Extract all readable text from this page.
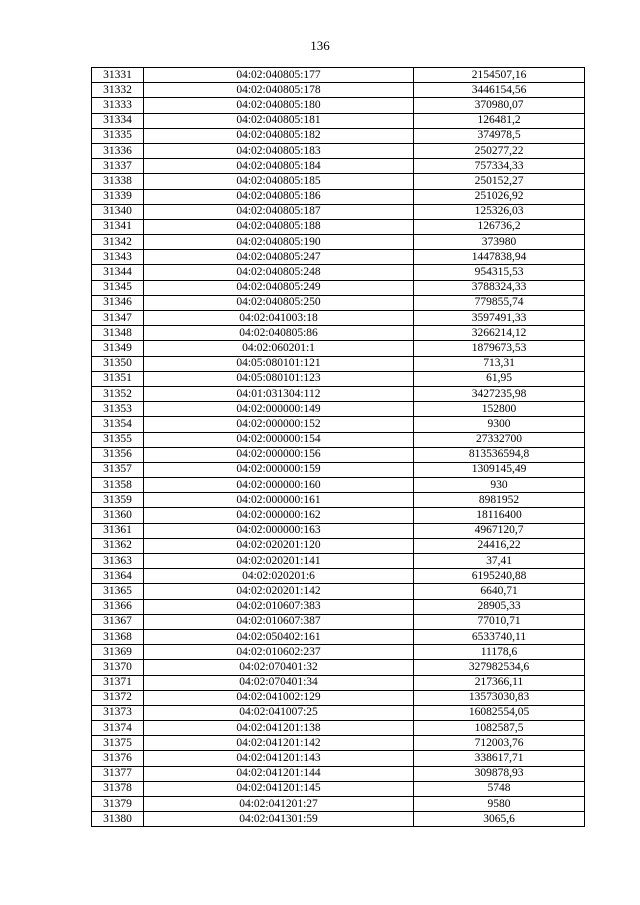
136
31331	04:02:040805:177	2154507,16
31332	04:02:040805:178	3446154,56
31333	04:02:040805:180	370980,07
31334	04:02:040805:181	126481,2
31335	04:02:040805:182	374978,5
31336	04:02:040805:183	250277,22
31337	04:02:040805:184	757334,33
31338	04:02:040805:185	250152,27
31339	04:02:040805:186	251026,92
31340	04:02:040805:187	125326,03
31341	04:02:040805:188	126736,2
31342	04:02:040805:190	373980
31343	04:02:040805:247	1447838,94
31344	04:02:040805:248	954315,53
31345	04:02:040805:249	3788324,33
31346	04:02:040805:250	779855,74
31347	04:02:041003:18	3597491,33
31348	04:02:040805:86	3266214,12
31349	04:02:060201:1	1879673,53
31350	04:05:080101:121	713,31
31351	04:05:080101:123	61,95
31352	04:01:031304:112	3427235,98
31353	04:02:000000:149	152800
31354	04:02:000000:152	9300
31355	04:02:000000:154	27332700
31356	04:02:000000:156	813536594,8
31357	04:02:000000:159	1309145,49
31358	04:02:000000:160	930
31359	04:02:000000:161	8981952
31360	04:02:000000:162	18116400
31361	04:02:000000:163	4967120,7
31362	04:02:020201:120	24416,22
31363	04:02:020201:141	37,41
31364	04:02:020201:6	6195240,88
31365	04:02:020201:142	6640,71
31366	04:02:010607:383	28905,33
31367	04:02:010607:387	77010,71
31368	04:02:050402:161	6533740,11
31369	04:02:010602:237	11178,6
31370	04:02:070401:32	327982534,6
31371	04:02:070401:34	217366,11
31372	04:02:041002:129	13573030,83
31373	04:02:041007:25	16082554,05
31374	04:02:041201:138	1082587,5
31375	04:02:041201:142	712003,76
31376	04:02:041201:143	338617,71
31377	04:02:041201:144	309878,93
31378	04:02:041201:145	5748
31379	04:02:041201:27	9580
31380	04:02:041301:59	3065,6
